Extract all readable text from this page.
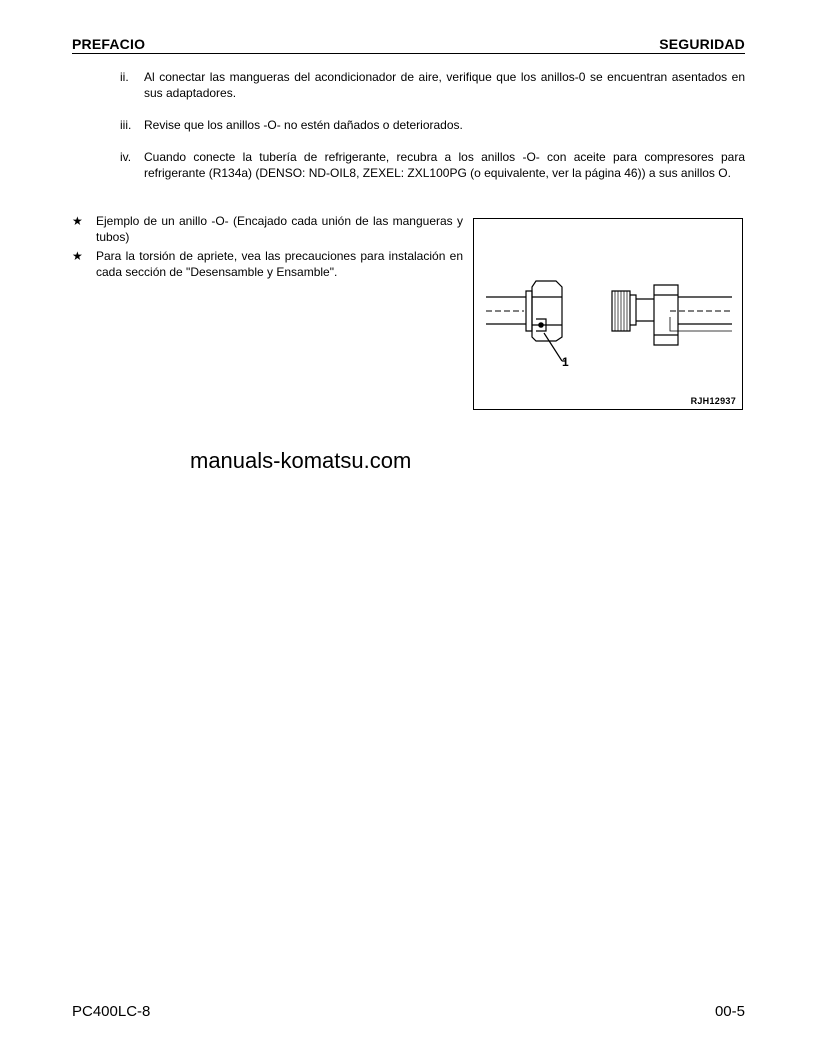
PREFACIO	SEGURIDAD
ii. Al conectar las mangueras del acondicionador de aire, verifique que los anillos-0 se encuentran asentados en sus adaptadores.
iii. Revise que los anillos -O- no estén dañados o deteriorados.
iv. Cuando conecte la tubería de refrigerante, recubra a los anillos -O- con aceite para compresores para refrigerante (R134a) (DENSO: ND-OIL8, ZEXEL: ZXL100PG (o equivalente, ver la página 46)) a sus anillos O.
★ Ejemplo de un anillo -O- (Encajado cada unión de las mangueras y tubos)
★ Para la torsión de apriete, vea las precauciones para instalación en cada sección de "Desensamble y Ensamble".
1
RJH12937
manuals-komatsu.com
PC400LC-8	00-5
